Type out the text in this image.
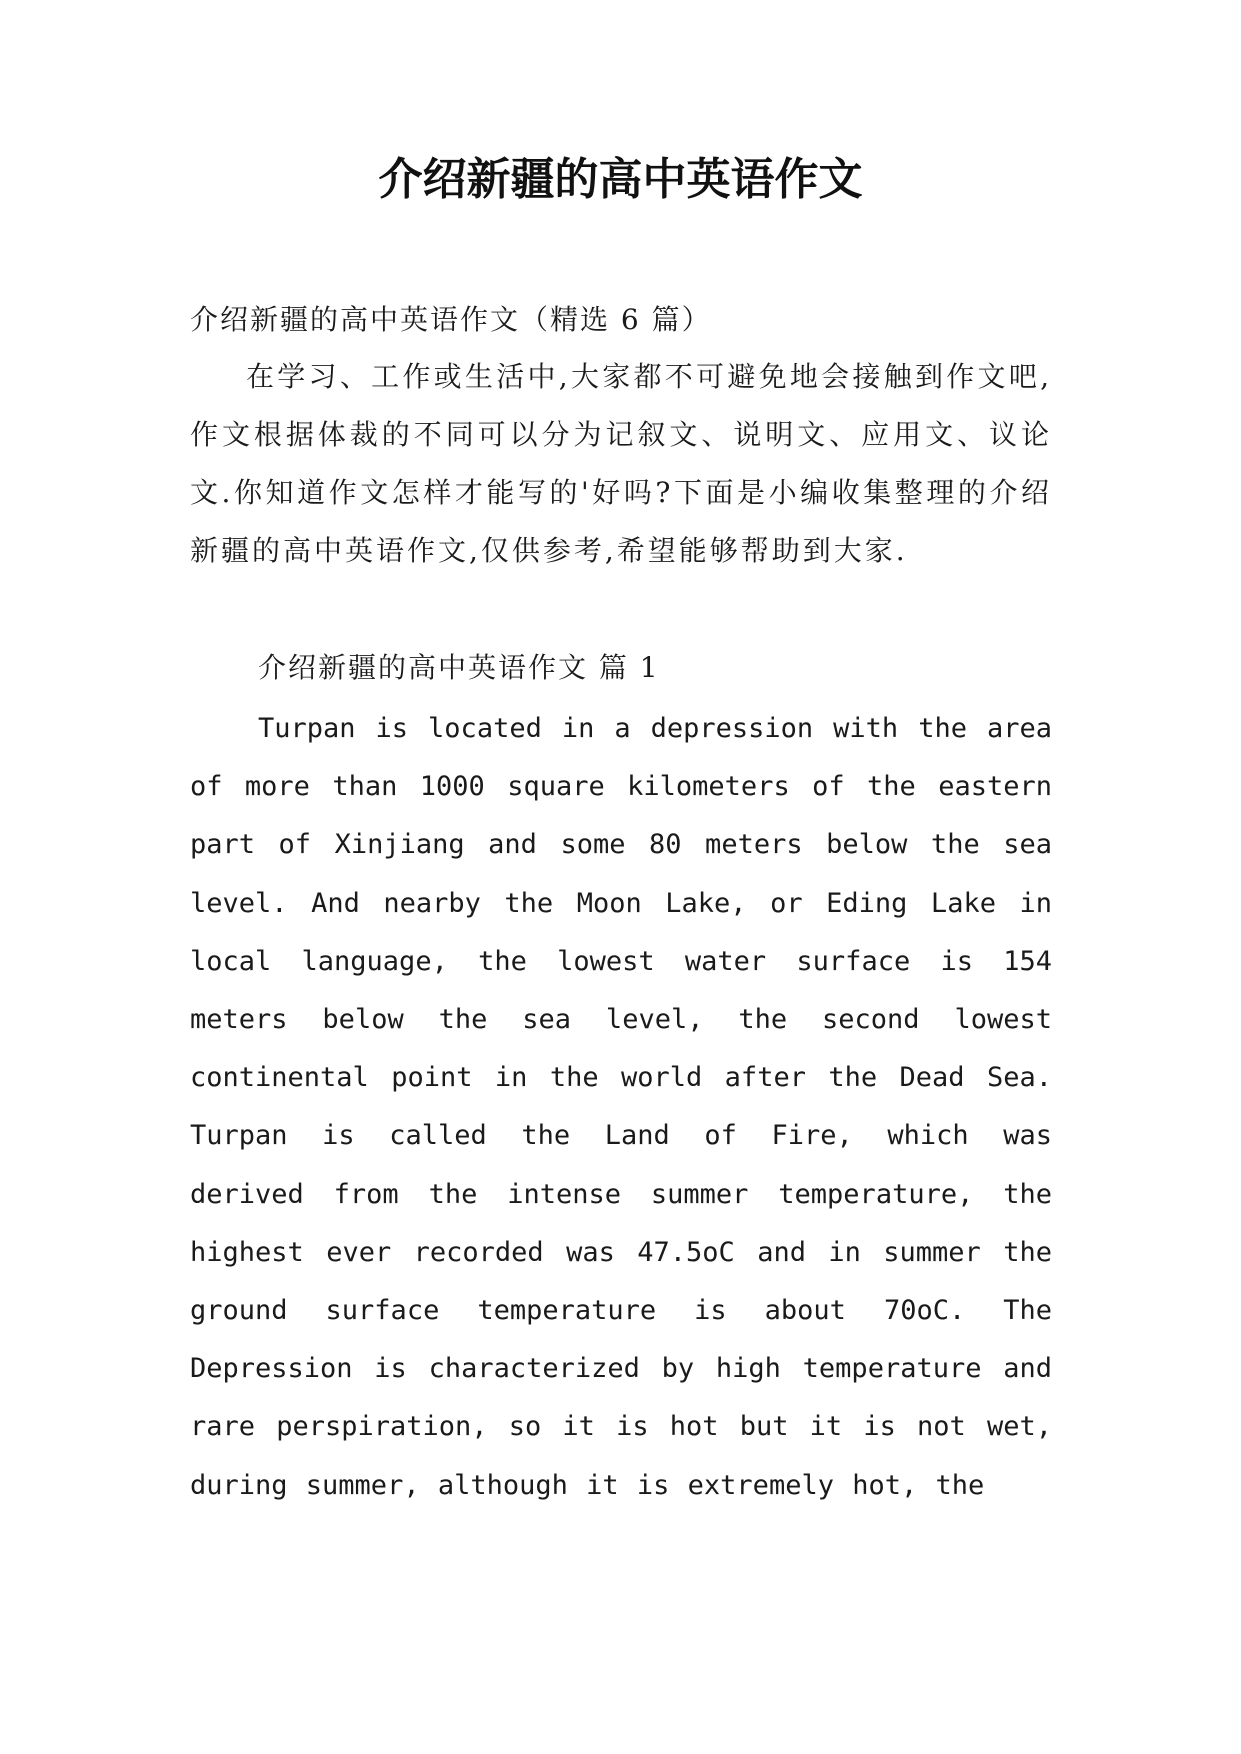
介绍新疆的高中英语作文

介绍新疆的高中英语作文（精选 6 篇）

在学习、工作或生活中,大家都不可避免地会接触到作文吧,作文根据体裁的不同可以分为记叙文、说明文、应用文、议论文.你知道作文怎样才能写的'好吗?下面是小编收集整理的介绍新疆的高中英语作文,仅供参考,希望能够帮助到大家.

介绍新疆的高中英语作文 篇 1

Turpan is located in a depression with the area of more than 1000 square kilometers of the eastern part of Xinjiang and some 80 meters below the sea level. And nearby the Moon Lake, or Eding Lake in local language, the lowest water surface is 154 meters below the sea level, the second lowest continental point in the world after the Dead Sea. Turpan is called the Land of Fire, which was derived from the intense summer temperature, the highest ever recorded was 47.5oC and in summer the ground surface temperature is about 70oC. The Depression is characterized by high temperature and rare perspiration, so it is hot but it is not wet, during summer, although it is extremely hot, the
